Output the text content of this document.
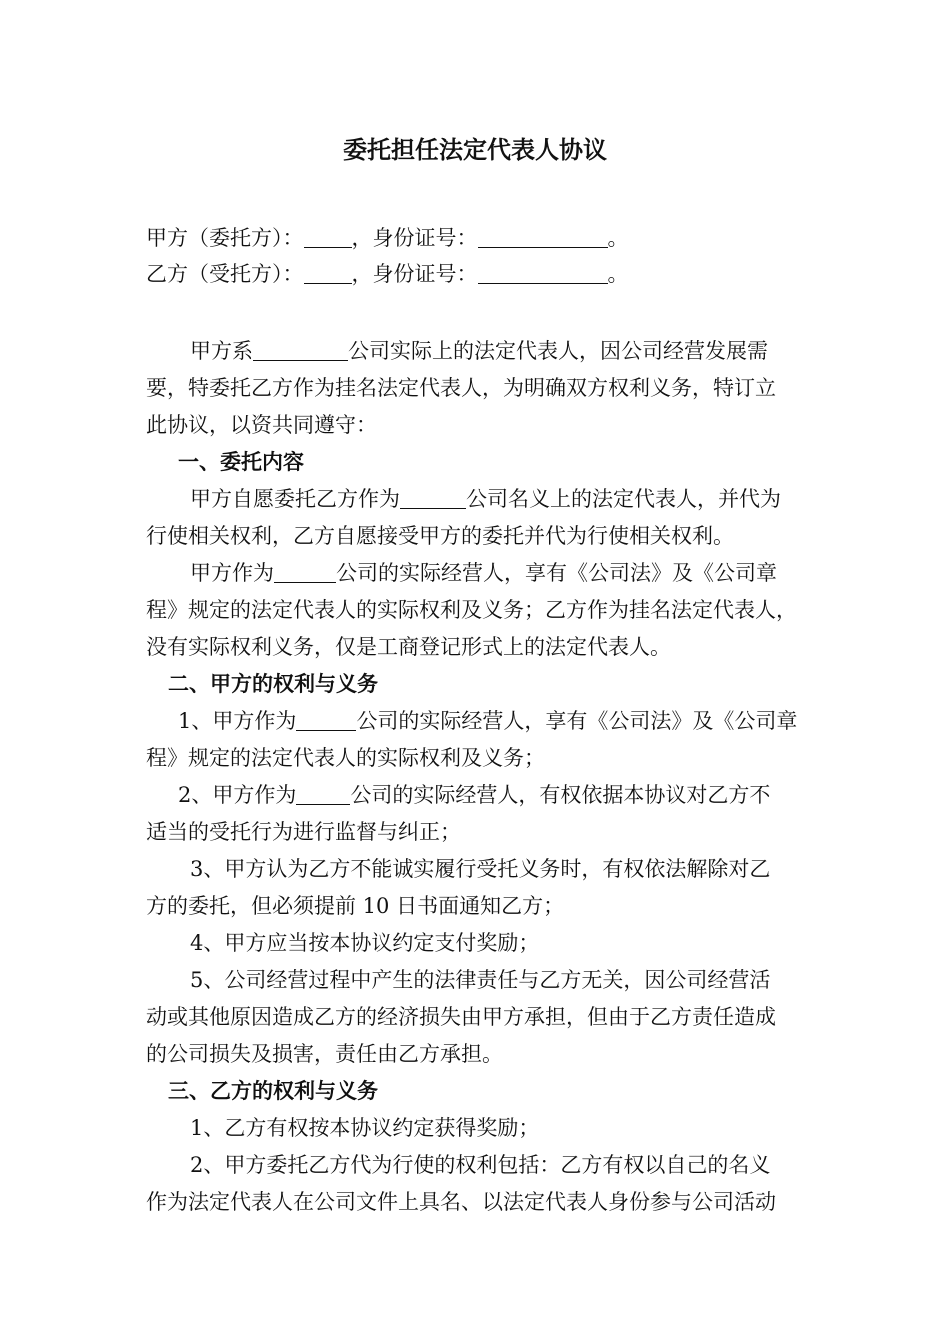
委托担任法定代表人协议
甲方（委托方）： ，身份证号：	。
乙方（受托方）： ，身份证号：	。
甲方系	公司实际上的法定代表人，因公司经营发展需
要，特委托乙方作为挂名法定代表人，为明确双方权利义务，特订立
此协议，以资共同遵守：
一、委托内容
甲方自愿委托乙方作为	公司名义上的法定代表人，并代为
行使相关权利，乙方自愿接受甲方的委托并代为行使相关权利。
甲方作为	公司的实际经营人，享有《公司法》及《公司章
程》规定的法定代表人的实际权利及义务；乙方作为挂名法定代表人，
没有实际权利义务，仅是工商登记形式上的法定代表人。
二、甲方的权利与义务
1、甲方作为	公司的实际经营人，享有《公司法》及《公司章
程》规定的法定代表人的实际权利及义务；
2、甲方作为	公司的实际经营人，有权依据本协议对乙方不
适当的受托行为进行监督与纠正；
3、甲方认为乙方不能诚实履行受托义务时，有权依法解除对乙
方的委托，但必须提前 10 日书面通知乙方；
4、甲方应当按本协议约定支付奖励；
5、公司经营过程中产生的法律责任与乙方无关，因公司经营活
动或其他原因造成乙方的经济损失由甲方承担，但由于乙方责任造成
的公司损失及损害，责任由乙方承担。
三、乙方的权利与义务
1、乙方有权按本协议约定获得奖励；
2、甲方委托乙方代为行使的权利包括：乙方有权以自己的名义
作为法定代表人在公司文件上具名、以法定代表人身份参与公司活动
